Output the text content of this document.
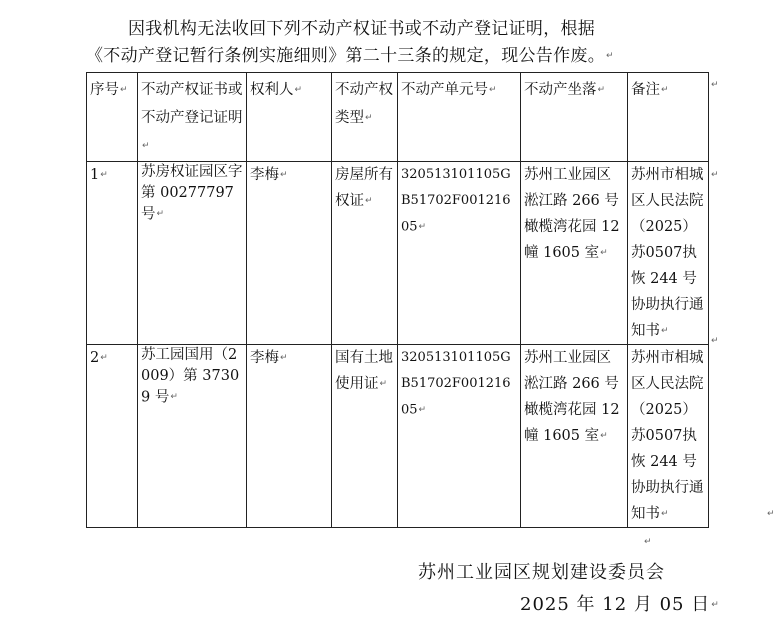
因我机构无法收回下列不动产权证书或不动产登记证明，根据
《不动产登记暂行条例实施细则》第二十三条的规定，现公告作废。↵
序号↵	不动产权证书或不动产登记证明↵	权利人↵	不动产权类型↵	不动产单元号↵	不动产坐落↵	备注↵
1↵	苏房权证园区字第 00277797 号↵	李梅↵	房屋所有权证↵	320513101105GB51702F00121605↵	苏州工业园区淞江路 266 号橄榄湾花园 12 幢 1605 室↵	苏州市相城区人民法院（2025）苏0507执恢 244 号协助执行通知书↵
2↵	苏工园国用（2009）第 37309 号↵	李梅↵	国有土地使用证↵	320513101105GB51702F00121605↵	苏州工业园区淞江路 266 号橄榄湾花园 12 幢 1605 室↵	苏州市相城区人民法院（2025）苏0507执恢 244 号协助执行通知书↵
↵
↵
↵
↵
↵
苏州工业园区规划建设委员会
2025 年 12 月 05 日↵
